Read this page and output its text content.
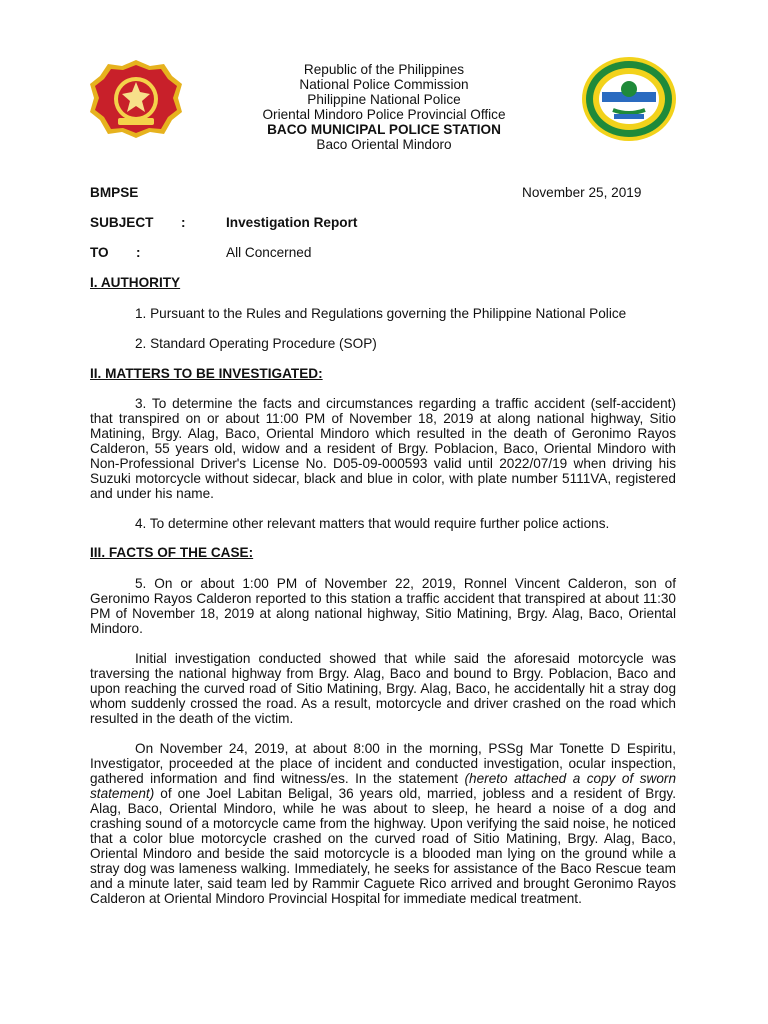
Republic of the Philippines
National Police Commission
Philippine National Police
Oriental Mindoro Police Provincial Office
BACO MUNICIPAL POLICE STATION
Baco Oriental Mindoro
BMPSE	November 25, 2019
SUBJECT :	Investigation Report
TO :	All Concerned
I. AUTHORITY

1. Pursuant to the Rules and Regulations governing the Philippine National Police

2. Standard Operating Procedure (SOP)

II. MATTERS TO BE INVESTIGATED:

3. To determine the facts and circumstances regarding a traffic accident (self-accident) that transpired on or about 11:00 PM of November 18, 2019 at along national highway, Sitio Matining, Brgy. Alag, Baco, Oriental Mindoro which resulted in the death of Geronimo Rayos Calderon, 55 years old, widow and a resident of Brgy. Poblacion, Baco, Oriental Mindoro with Non-Professional Driver's License No. D05-09-000593 valid until 2022/07/19 when driving his Suzuki motorcycle without sidecar, black and blue in color, with plate number 5111VA, registered and under his name.

4. To determine other relevant matters that would require further police actions.

III. FACTS OF THE CASE:

5. On or about 1:00 PM of November 22, 2019, Ronnel Vincent Calderon, son of Geronimo Rayos Calderon reported to this station a traffic accident that transpired at about 11:30 PM of November 18, 2019 at along national highway, Sitio Matining, Brgy. Alag, Baco, Oriental Mindoro.

Initial investigation conducted showed that while said the aforesaid motorcycle was traversing the national highway from Brgy. Alag, Baco and bound to Brgy. Poblacion, Baco and upon reaching the curved road of Sitio Matining, Brgy. Alag, Baco, he accidentally hit a stray dog whom suddenly crossed the road. As a result, motorcycle and driver crashed on the road which resulted in the death of the victim.

On November 24, 2019, at about 8:00 in the morning, PSSg Mar Tonette D Espiritu, Investigator, proceeded at the place of incident and conducted investigation, ocular inspection, gathered information and find witness/es. In the statement (hereto attached a copy of sworn statement) of one Joel Labitan Beligal, 36 years old, married, jobless and a resident of Brgy. Alag, Baco, Oriental Mindoro, while he was about to sleep, he heard a noise of a dog and crashing sound of a motorcycle came from the highway. Upon verifying the said noise, he noticed that a color blue motorcycle crashed on the curved road of Sitio Matining, Brgy. Alag, Baco, Oriental Mindoro and beside the said motorcycle is a blooded man lying on the ground while a stray dog was lameness walking. Immediately, he seeks for assistance of the Baco Rescue team and a minute later, said team led by Rammir Caguete Rico arrived and brought Geronimo Rayos Calderon at Oriental Mindoro Provincial Hospital for immediate medical treatment.
